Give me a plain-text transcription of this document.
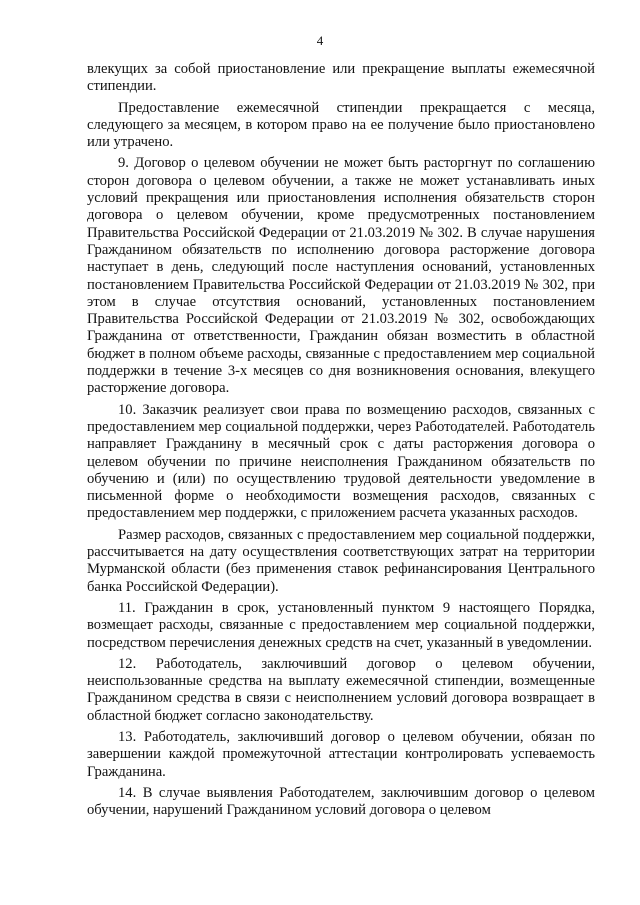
4

влекущих за собой приостановление или прекращение выплаты ежемесячной стипендии.

Предоставление ежемесячной стипендии прекращается с месяца, следующего за месяцем, в котором право на ее получение было приостановлено или утрачено.

9. Договор о целевом обучении не может быть расторгнут по соглашению сторон договора о целевом обучении, а также не может устанавливать иных условий прекращения или приостановления исполнения обязательств сторон договора о целевом обучении, кроме предусмотренных постановлением Правительства Российской Федерации от 21.03.2019 № 302. В случае нарушения Гражданином обязательств по исполнению договора расторжение договора наступает в день, следующий после наступления оснований, установленных постановлением Правительства Российской Федерации от 21.03.2019 № 302, при этом в случае отсутствия оснований, установленных постановлением Правительства Российской Федерации от 21.03.2019 № 302, освобождающих Гражданина от ответственности, Гражданин обязан возместить в областной бюджет в полном объеме расходы, связанные с предоставлением мер социальной поддержки в течение 3-х месяцев со дня возникновения основания, влекущего расторжение договора.

10. Заказчик реализует свои права по возмещению расходов, связанных с предоставлением мер социальной поддержки, через Работодателей. Работодатель направляет Гражданину в месячный срок с даты расторжения договора о целевом обучении по причине неисполнения Гражданином обязательств по обучению и (или) по осуществлению трудовой деятельности уведомление в письменной форме о необходимости возмещения расходов, связанных с предоставлением мер поддержки, с приложением расчета указанных расходов.

Размер расходов, связанных с предоставлением мер социальной поддержки, рассчитывается на дату осуществления соответствующих затрат на территории Мурманской области (без применения ставок рефинансирования Центрального банка Российской Федерации).

11. Гражданин в срок, установленный пунктом 9 настоящего Порядка, возмещает расходы, связанные с предоставлением мер социальной поддержки, посредством перечисления денежных средств на счет, указанный в уведомлении.

12. Работодатель, заключивший договор о целевом обучении, неиспользованные средства на выплату ежемесячной стипендии, возмещенные Гражданином средства в связи с неисполнением условий договора возвращает в областной бюджет согласно законодательству.

13. Работодатель, заключивший договор о целевом обучении, обязан по завершении каждой промежуточной аттестации контролировать успеваемость Гражданина.

14. В случае выявления Работодателем, заключившим договор о целевом обучении, нарушений Гражданином условий договора о целевом
